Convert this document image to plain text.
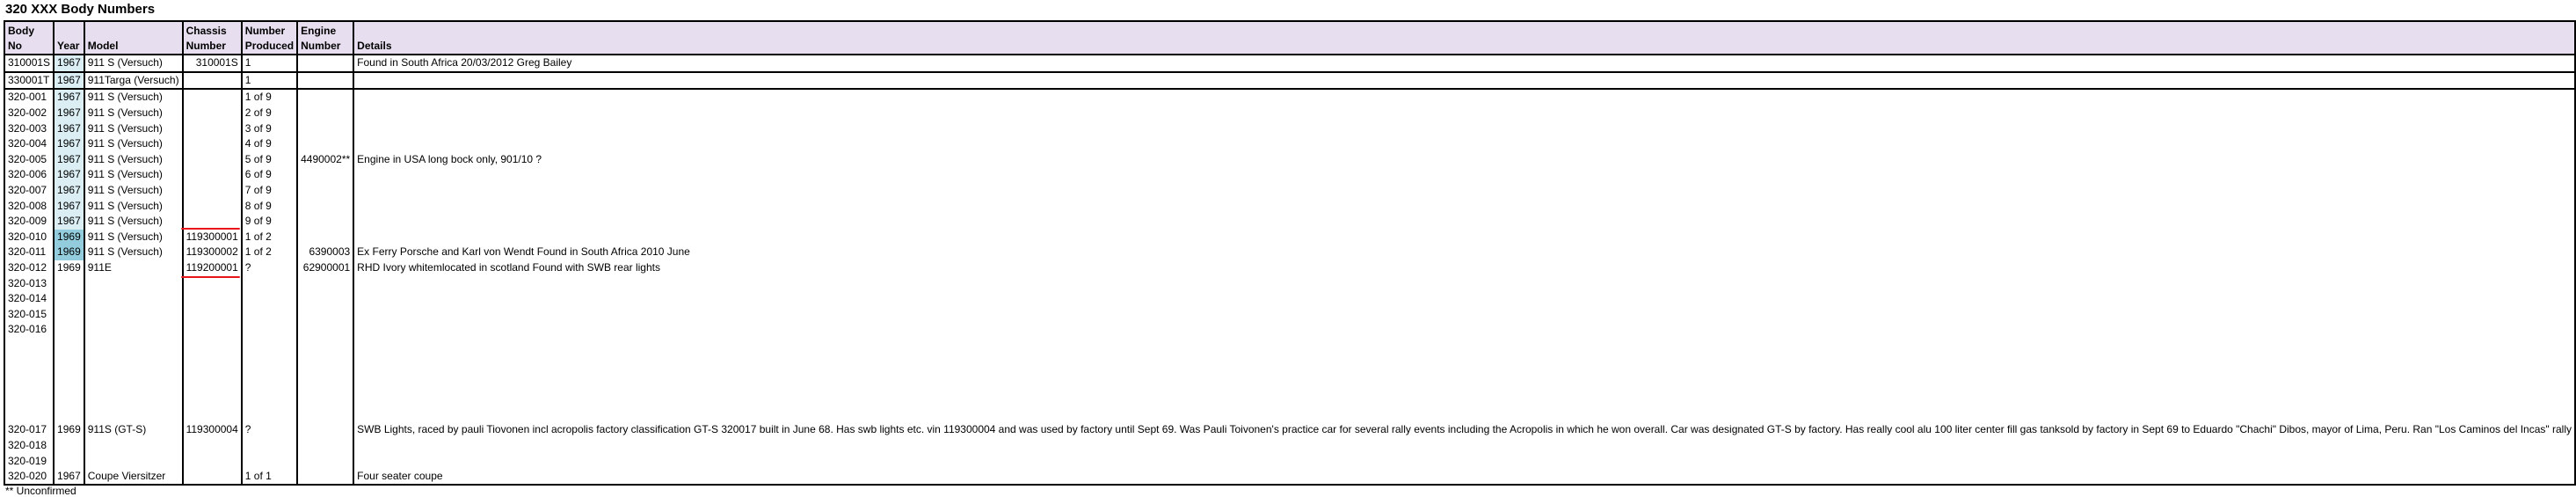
320 XXX Body Numbers
Body No	Year	Model	Chassis Number	Number Produced	Engine Number	Details
310001S	1967	911 S (Versuch)	310001S	1		Found in South Africa 20/03/2012 Greg Bailey
330001T	1967	911Targa (Versuch)		1		
320-001	1967	911 S (Versuch)		1 of 9		
320-002	1967	911 S (Versuch)		2 of 9		
320-003	1967	911 S (Versuch)		3 of 9		
320-004	1967	911 S (Versuch)		4 of 9		
320-005	1967	911 S (Versuch)		5 of 9	4490002**	Engine in USA long bock only, 901/10 ?
320-006	1967	911 S (Versuch)		6 of 9		
320-007	1967	911 S (Versuch)		7 of 9		
320-008	1967	911 S (Versuch)		8 of 9		
320-009	1967	911 S (Versuch)		9 of 9		
320-010	1969	911 S (Versuch)	119300001	1 of 2		
320-011	1969	911 S (Versuch)	119300002	1 of 2	6390003	Ex Ferry Porsche and Karl von Wendt Found in South Africa 2010 June
320-012	1969	911E	119200001	?	62900001	RHD Ivory whitemlocated in scotland Found with SWB rear lights
320-013						
320-014						
320-015						
320-016						
320-017	1969	911S (GT-S)	119300004	?		SWB Lights, raced by pauli Tiovonen incl acropolis factory classification GT-S 320017 built in June 68. Has swb lights etc. vin 119300004 and was used by factory until Sept 69. Was Pauli Toivonen's practice car for several rally events including the Acropolis in which he won overall. Car was designated GT-S by factory. Has really cool alu 100 liter center fill gas tanksold by factory in Sept 69 to Eduardo "Chachi" Dibos, mayor of Lima, Peru. Ran "Los Caminos del Incas" rally
320-018						
320-019						
320-020	1967	Coupe Viersitzer		1 of 1		Four seater coupe
** Unconfirmed
